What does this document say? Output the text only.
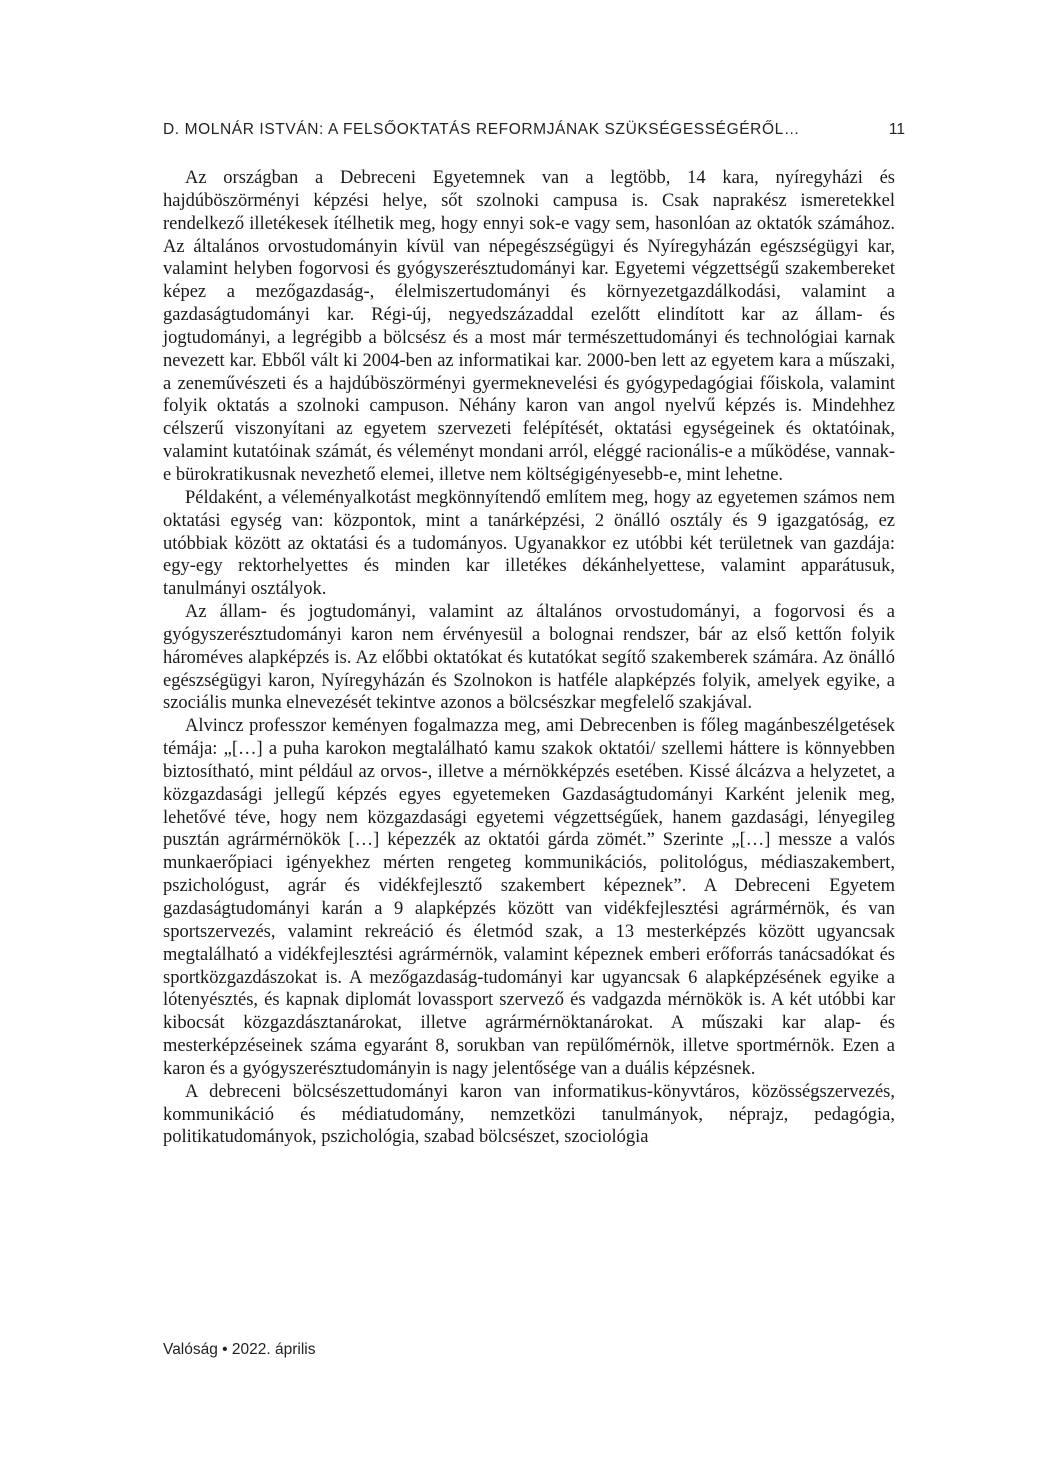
D. MOLNÁR ISTVÁN: A FELSŐOKTATÁS REFORMJÁNAK SZÜKSÉGESSÉGÉRŐL…	11

Az országban a Debreceni Egyetemnek van a legtöbb, 14 kara, nyíregyházi és hajdúböszörményi képzési helye, sőt szolnoki campusa is. Csak naprakész ismeretekkel rendelkező illetékesek ítélhetik meg, hogy ennyi sok-e vagy sem, hasonlóan az oktatók számához. Az általános orvostudományin kívül van népegészségügyi és Nyíregyházán egészségügyi kar, valamint helyben fogorvosi és gyógyszerésztudományi kar. Egyetemi végzettségű szakembereket képez a mezőgazdaság-, élelmiszertudományi és környezetgazdálkodási, valamint a gazdaságtudományi kar. Régi-új, negyedszázaddal ezelőtt elindított kar az állam- és jogtudományi, a legrégibb a bölcsész és a most már természettudományi és technológiai karnak nevezett kar. Ebből vált ki 2004-ben az informatikai kar. 2000-ben lett az egyetem kara a műszaki, a zeneművészeti és a hajdúböszörményi gyermeknevelési és gyógypedagógiai főiskola, valamint folyik oktatás a szolnoki campuson. Néhány karon van angol nyelvű képzés is. Mindehhez célszerű viszonyítani az egyetem szervezeti felépítését, oktatási egységeinek és oktatóinak, valamint kutatóinak számát, és véleményt mondani arról, eléggé racionális-e a működése, vannak-e bürokratikusnak nevezhető elemei, illetve nem költségigényesebb-e, mint lehetne.

Példaként, a véleményalkotást megkönnyítendő említem meg, hogy az egyetemen számos nem oktatási egység van: központok, mint a tanárképzési, 2 önálló osztály és 9 igazgatóság, ez utóbbiak között az oktatási és a tudományos. Ugyanakkor ez utóbbi két területnek van gazdája: egy-egy rektorhelyettes és minden kar illetékes dékánhelyettese, valamint apparátusuk, tanulmányi osztályok.

Az állam- és jogtudományi, valamint az általános orvostudományi, a fogorvosi és a gyógyszerésztudományi karon nem érvényesül a bolognai rendszer, bár az első kettőn folyik hároméves alapképzés is. Az előbbi oktatókat és kutatókat segítő szakemberek számára. Az önálló egészségügyi karon, Nyíregyházán és Szolnokon is hatféle alapképzés folyik, amelyek egyike, a szociális munka elnevezését tekintve azonos a bölcsészkar megfelelő szakjával.

Alvincz professzor keményen fogalmazza meg, ami Debrecenben is főleg magánbeszélgetések témája: „[…] a puha karokon megtalálható kamu szakok oktatói/ szellemi háttere is könnyebben biztosítható, mint például az orvos-, illetve a mérnökképzés esetében. Kissé álcázva a helyzetet, a közgazdasági jellegű képzés egyes egyetemeken Gazdaságtudományi Karként jelenik meg, lehetővé téve, hogy nem közgazdasági egyetemi végzettségűek, hanem gazdasági, lényegileg pusztán agrármérnökök […] képezzék az oktatói gárda zömét.” Szerinte „[…] messze a valós munkaerőpiaci igényekhez mérten rengeteg kommunikációs, politológus, médiaszakembert, pszichológust, agrár és vidékfejlesztő szakembert képeznek”. A Debreceni Egyetem gazdaságtudományi karán a 9 alapképzés között van vidékfejlesztési agrármérnök, és van sportszervezés, valamint rekreáció és életmód szak, a 13 mesterképzés között ugyancsak megtalálható a vidékfejlesztési agrármérnök, valamint képeznek emberi erőforrás tanácsadókat és sportközgazdászokat is. A mezőgazdaság-tudományi kar ugyancsak 6 alapképzésének egyike a lótenyésztés, és kapnak diplomát lovassport szervező és vadgazda mérnökök is. A két utóbbi kar kibocsát közgazdásztanárokat, illetve agrármérnöktanárokat. A műszaki kar alap- és mesterképzéseinek száma egyaránt 8, sorukban van repülőmérnök, illetve sportmérnök. Ezen a karon és a gyógyszerésztudományin is nagy jelentősége van a duális képzésnek.

A debreceni bölcsészettudományi karon van informatikus-könyvtáros, közösségszervezés, kommunikáció és médiatudomány, nemzetközi tanulmányok, néprajz, pedagógia, politikatudományok, pszichológia, szabad bölcsészet, szociológia

Valóság • 2022. április
